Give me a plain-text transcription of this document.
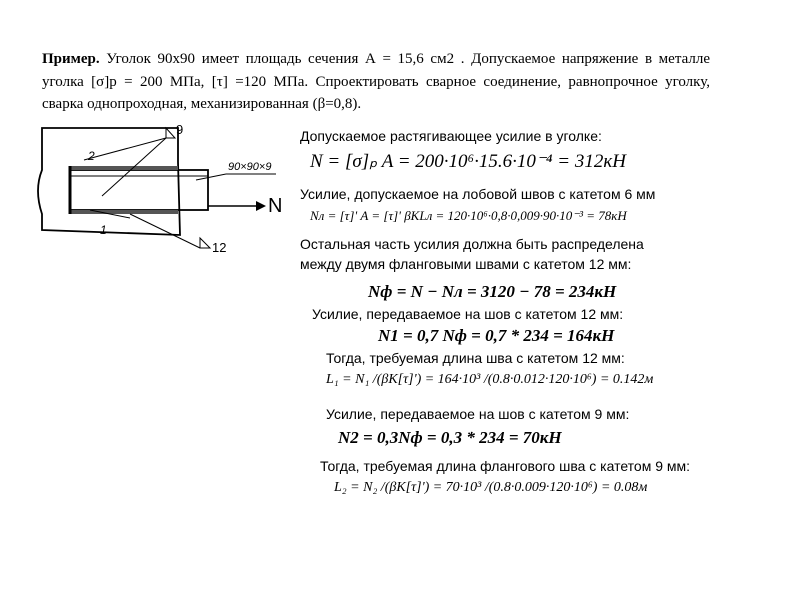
Пример. Уголок 90х90 имеет площадь сечения А = 15,6 см2 . Допускаемое напряжение в металле уголка [σ]р = 200 МПа, [τ] =120 МПа. Спроектировать сварное соединение, равнопрочное уголку, сварка однопроходная, механизированная (β=0,8).
N
9
2
1
12
90×90×9
Допускаемое растягивающее усилие в уголке:
N = [σ]ₚ A = 200·10⁶·15.6·10⁻⁴ = 312кН
Усилие, допускаемое на лобовой швов с катетом 6 мм
Nл = [τ]' A = [τ]' βKLл = 120·10⁶·0,8·0,009·90·10⁻³ = 78кН
Остальная часть усилия должна быть распределена
между двумя фланговыми швами с катетом 12 мм:
Nф = N − Nл = 3120 − 78 = 234кН
Усилие, передаваемое на шов с катетом 12 мм:
N1 = 0,7 Nф = 0,7 * 234 = 164кН
Тогда, требуемая длина шва с катетом 12 мм:
L₁ = N₁ /(βK[τ]') = 164·10³ /(0.8·0.012·120·10⁶) = 0.142м
Усилие, передаваемое на шов с катетом 9 мм:
N2 = 0,3Nф = 0,3 * 234 = 70кН
Тогда, требуемая длина флангового шва с катетом 9 мм:
L₂ = N₂ /(βK[τ]') = 70·10³ /(0.8·0.009·120·10⁶) = 0.08м
